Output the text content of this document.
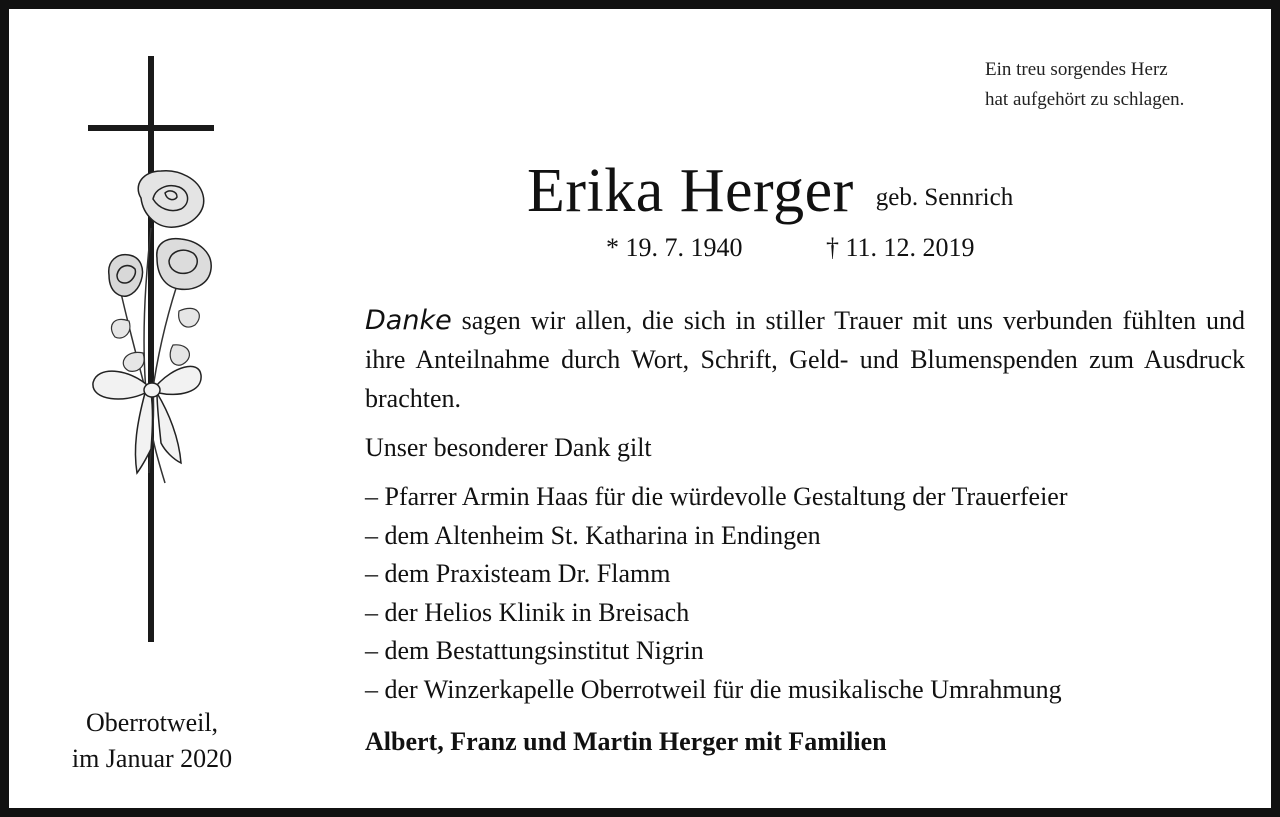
Ein treu sorgendes Herz
hat aufgehört zu schlagen.
Erika Herger geb. Sennrich
* 19. 7. 1940	† 11. 12. 2019

Danke sagen wir allen, die sich in stiller Trauer mit uns verbunden fühlten und ihre Anteilnahme durch Wort, Schrift, Geld- und Blumenspenden zum Ausdruck brachten.

Unser besonderer Dank gilt
– Pfarrer Armin Haas für die würdevolle Gestaltung der Trauerfeier
– dem Altenheim St. Katharina in Endingen
– dem Praxisteam Dr. Flamm
– der Helios Klinik in Breisach
– dem Bestattungsinstitut Nigrin
– der Winzerkapelle Oberrotweil für die musikalische Umrahmung
Albert, Franz und Martin Herger mit Familien
Oberrotweil,
im Januar 2020
